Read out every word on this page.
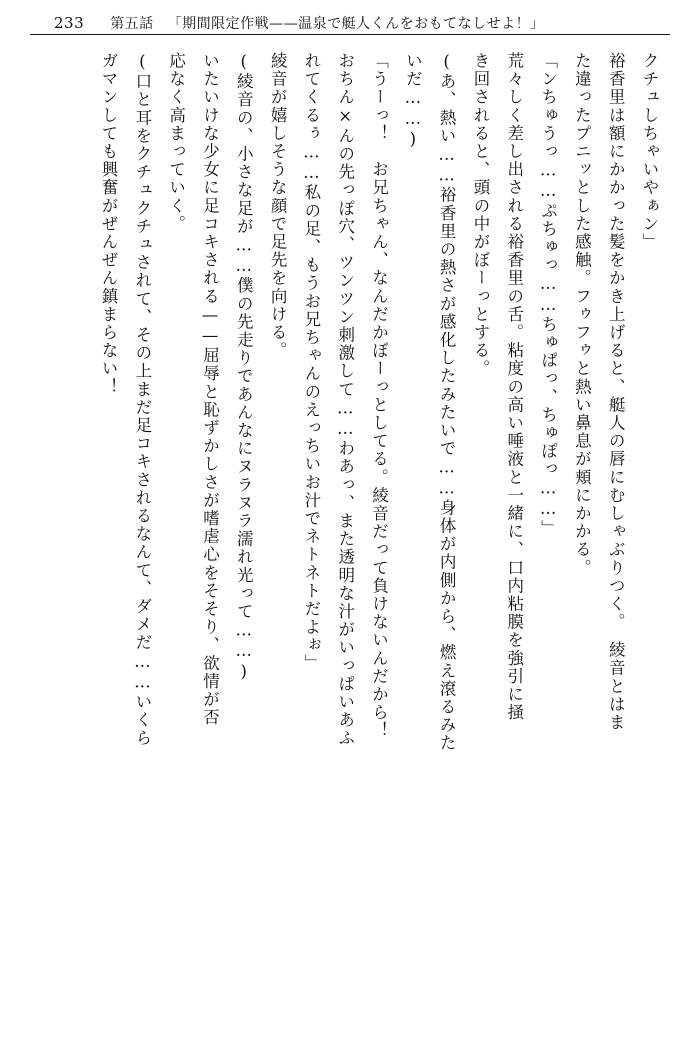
233 第五話 「期間限定作戦——温泉で艇人くんをおもてなしせよ！」

クチュしちゃいやぁン」

裕香里は額にかかった髪をかき上げると、艇人の唇にむしゃぶりつく。　綾音とはま

た違ったプニッとした感触。フゥフゥと熱い鼻息が頬にかかる。

「ンちゅうっ……ぷちゅっ……ちゅぱっ、ちゅぽっ……」

荒々しく差し出される裕香里の舌。粘度の高い唾液と一緒に、口内粘膜を強引に掻

き回されると、頭の中がぼーっとする。

(あ、熱い……裕香里の熱さが感化したみたいで……身体が内側から、燃え滾るみた

いだ……)

「うーっ！　お兄ちゃん、なんだかぼーっとしてる。綾音だって負けないんだから！

おちん×んの先っぽ穴、ツンツン刺激して……わあっ、また透明な汁がいっぱいあふ

れてくるぅ……私の足、もうお兄ちゃんのえっちいお汁でネトネトだよぉ」

綾音が嬉しそうな顔で足先を向ける。

(綾音の、小さな足が……僕の先走りであんなにヌラヌラ濡れ光って……)

いたいけな少女に足コキされる——屈辱と恥ずかしさが嗜虐心をそそり、欲情が否

応なく高まっていく。

(口と耳をクチュクチュされて、その上まだ足コキされるなんて、ダメだ……いくら

ガマンしても興奮がぜんぜん鎮まらない！
